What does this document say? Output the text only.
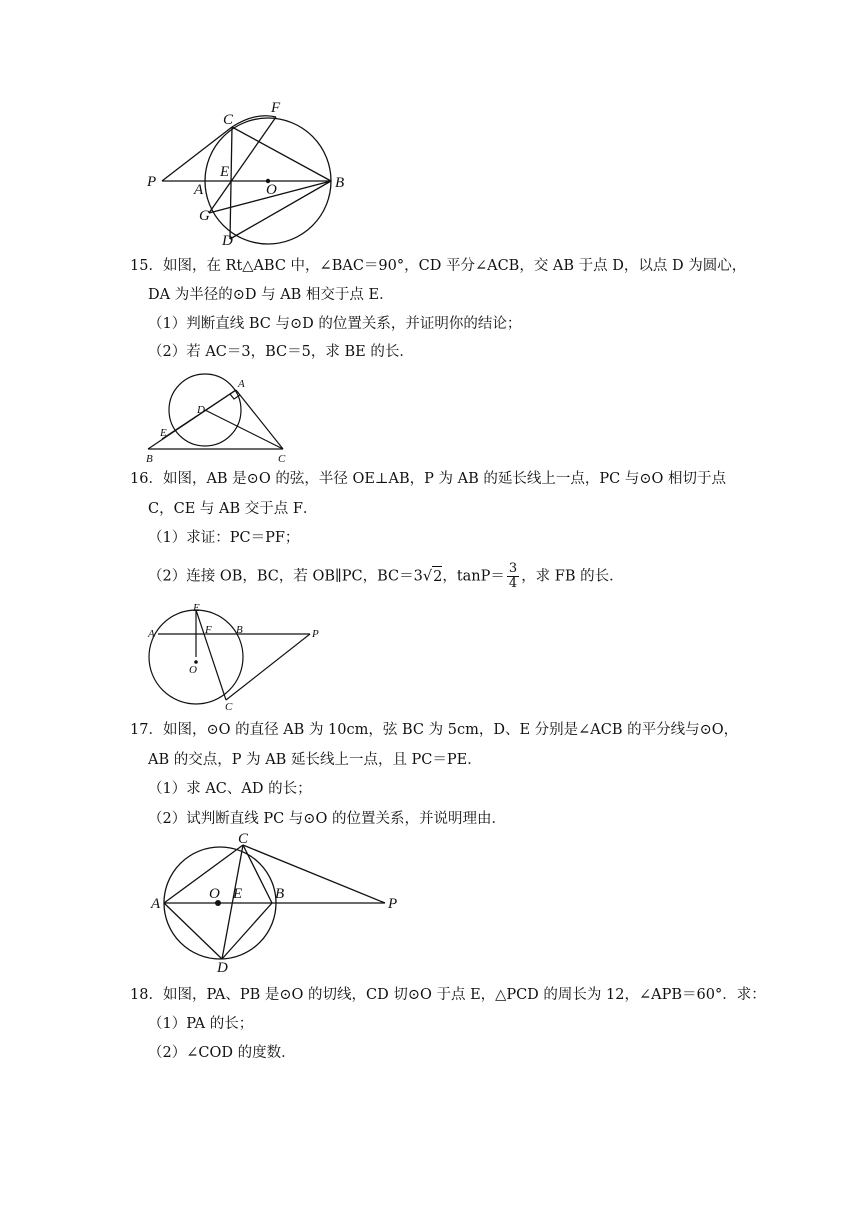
C
F
P
E
A	O	B
G
D
15．如图，在 Rt△ABC 中，∠BAC＝90°，CD 平分∠ACB，交 AB 于点 D，以点 D 为圆心，
DA 为半径的⊙D 与 AB 相交于点 E．
（1）判断直线 BC 与⊙D 的位置关系，并证明你的结论；
（2）若 AC＝3，BC＝5，求 BE 的长．
A
D
E
B	C
16．如图，AB 是⊙O 的弦，半径 OE⊥AB，P 为 AB 的延长线上一点，PC 与⊙O 相切于点
C，CE 与 AB 交于点 F．
（1）求证：PC＝PF；
（2）连接 OB，BC，若 OB∥PC，BC＝3√2，$\tan P= \frac{3}{4}$ ，求 FB 的长．
E
A	F B	P
O
C
17．如图，⊙O 的直径 AB 为 10cm，弦 BC 为 5cm，D、E 分别是∠ACB 的平分线与⊙O，
AB 的交点，P 为 AB 延长线上一点，且 PC＝PE．
（1）求 AC、AD 的长；
（2）试判断直线 PC 与⊙O 的位置关系，并说明理由．
C
A
O E B
P
D
18．如图，PA、PB 是⊙O 的切线，CD 切⊙O 于点 E，△PCD 的周长为 12，∠APB＝60°．求：
（1）PA 的长；
（2）∠COD 的度数．
